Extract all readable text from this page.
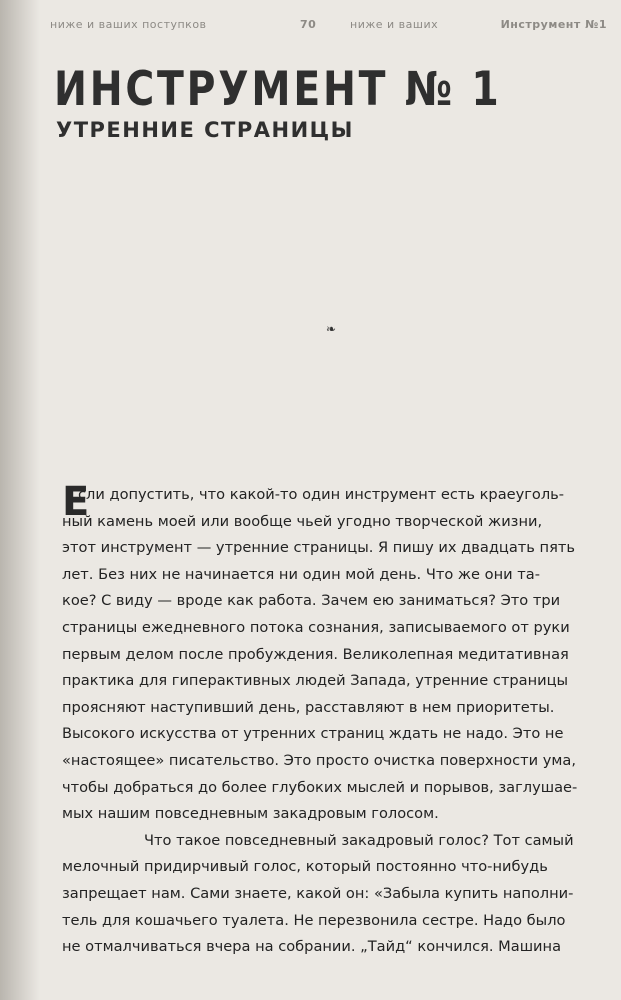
ниже и ваших поступков	70	ниже и ваших	Инструмент №1

ИНСТРУМЕНТ № 1
УТРЕННИЕ СТРАНИЦЫ
❧
Е
сли допустить, что какой-то один инструмент есть краеуголь-
ный камень моей или вообще чьей угодно творческой жизни,
этот инструмент — утренние страницы. Я пишу их двадцать пять
лет. Без них не начинается ни один мой день. Что же они та-
кое? С виду — вроде как работа. Зачем ею заниматься? Это три
страницы ежедневного потока сознания, записываемого от руки
первым делом после пробуждения. Великолепная медитативная
практика для гиперактивных людей Запада, утренние страницы
проясняют наступивший день, расставляют в нем приоритеты.
Высокого искусства от утренних страниц ждать не надо. Это не
«настоящее» писательство. Это просто очистка поверхности ума,
чтобы добраться до более глубоких мыслей и порывов, заглушае-
мых нашим повседневным закадровым голосом.
Что такое повседневный закадровый голос? Тот самый
мелочный придирчивый голос, который постоянно что-нибудь
запрещает нам. Сами знаете, какой он: «Забыла купить наполни-
тель для кошачьего туалета. Не перезвонила сестре. Надо было
не отмалчиваться вчера на собрании. „Тайд“ кончился. Машина
